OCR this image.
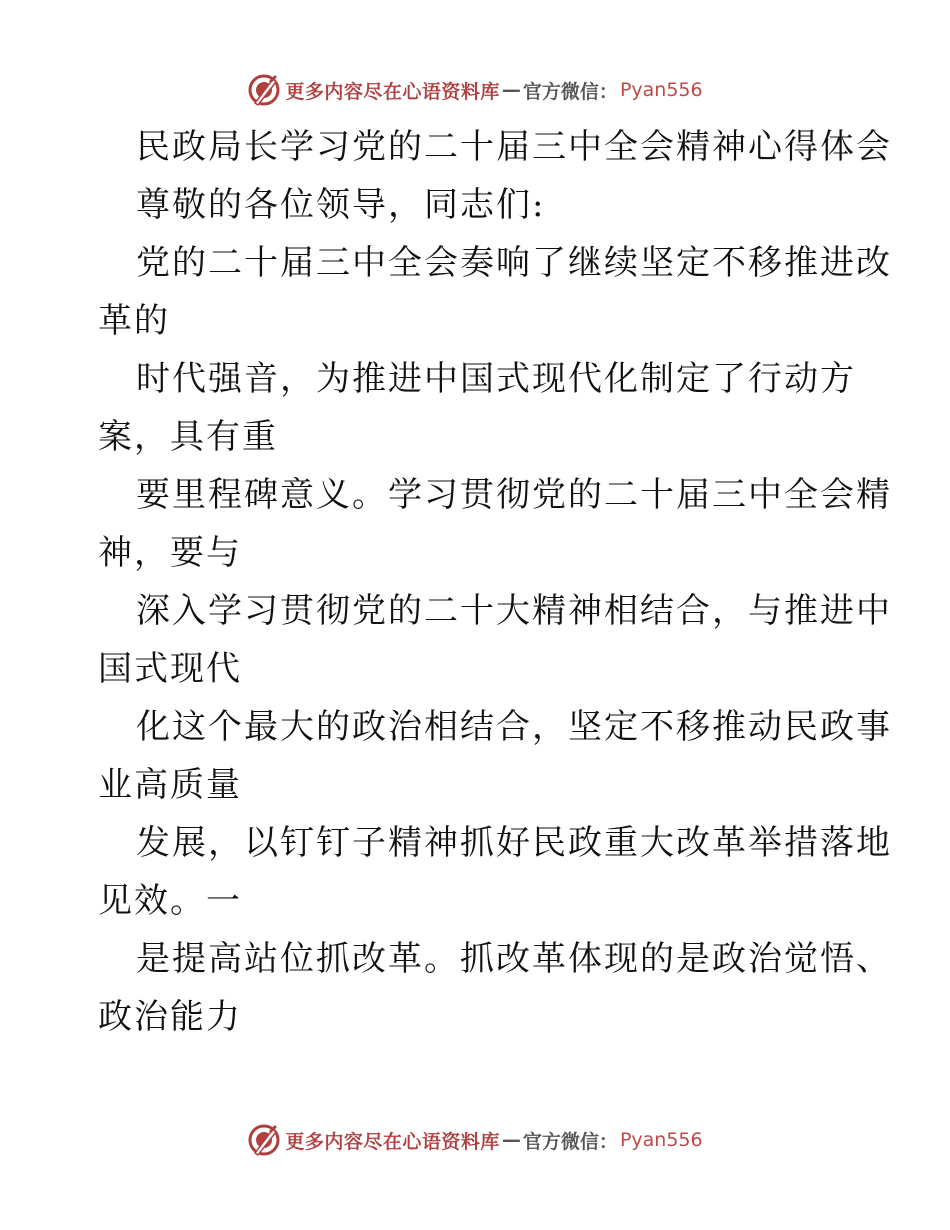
更多内容尽在心语资料库 — 官方微信： Pyan556
民政局长学习党的二十届三中全会精神心得体会
尊敬的各位领导，同志们:
党的二十届三中全会奏响了继续坚定不移推进改
革的
时代强音，为推进中国式现代化制定了行动方
案，具有重
要里程碑意义。学习贯彻党的二十届三中全会精
神，要与
深入学习贯彻党的二十大精神相结合，与推进中
国式现代
化这个最大的政治相结合，坚定不移推动民政事
业高质量
发展，以钉钉子精神抓好民政重大改革举措落地
见效。一
是提高站位抓改革。抓改革体现的是政治觉悟、
政治能力
更多内容尽在心语资料库 — 官方微信： Pyan556
